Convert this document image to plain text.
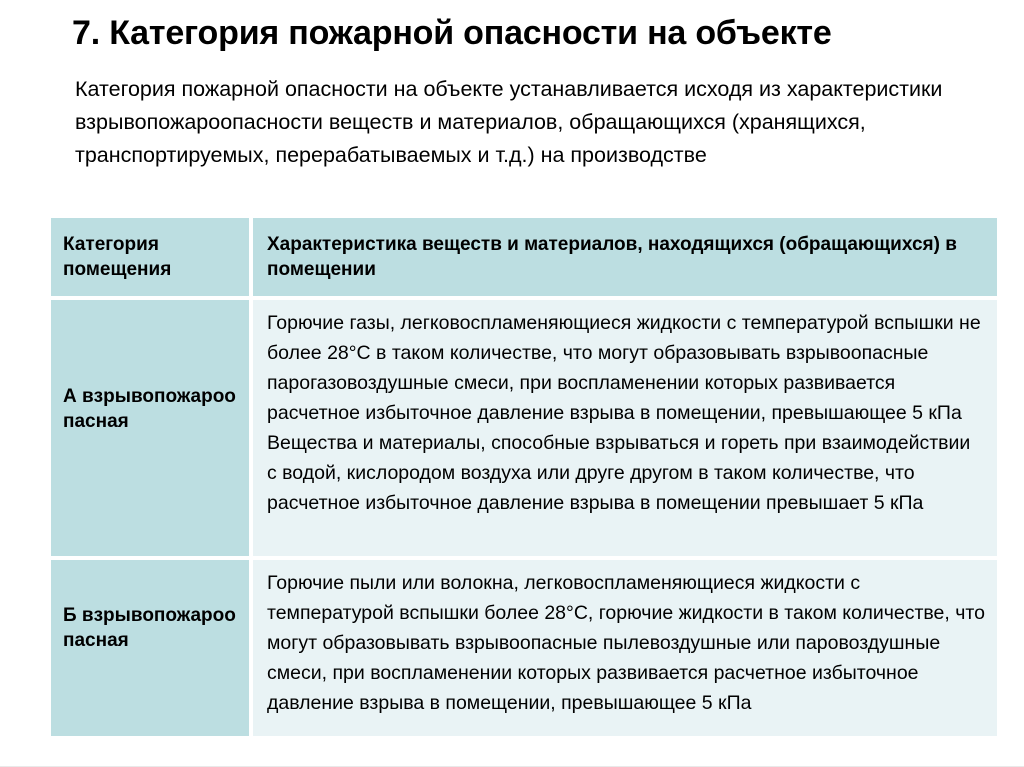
7. Категория пожарной опасности на объекте
Категория пожарной опасности на объекте устанавливается исходя из характеристики взрывопожароопасности веществ и материалов, обращающихся (хранящихся, транспортируемых, перерабатываемых и т.д.) на производстве
Категория помещения	Характеристика веществ и материалов, находящихся (обращающихся) в помещении

А взрывопожароо пасная	Горючие газы, легковоспламеняющиеся жидкости с температурой вспышки не более 28°С в таком количестве, что могут образовывать взрывоопасные парогазовоздушные смеси, при воспламенении которых развивается расчетное избыточное давление взрыва в помещении, превышающее 5 кПа

Вещества и материалы, способные взрываться и гореть при взаимодействии с водой, кислородом воздуха или друге другом в таком количестве, что расчетное избыточное давление взрыва в помещении превышает 5 кПа

Б взрывопожароо пасная	Горючие пыли или волокна, легковоспламеняющиеся жидкости с температурой вспышки более 28°С, горючие жидкости в таком количестве, что могут образовывать взрывоопасные пылевоздушные или паровоздушные смеси, при воспламенении которых развивается расчетное избыточное давление взрыва в помещении, превышающее 5 кПа
